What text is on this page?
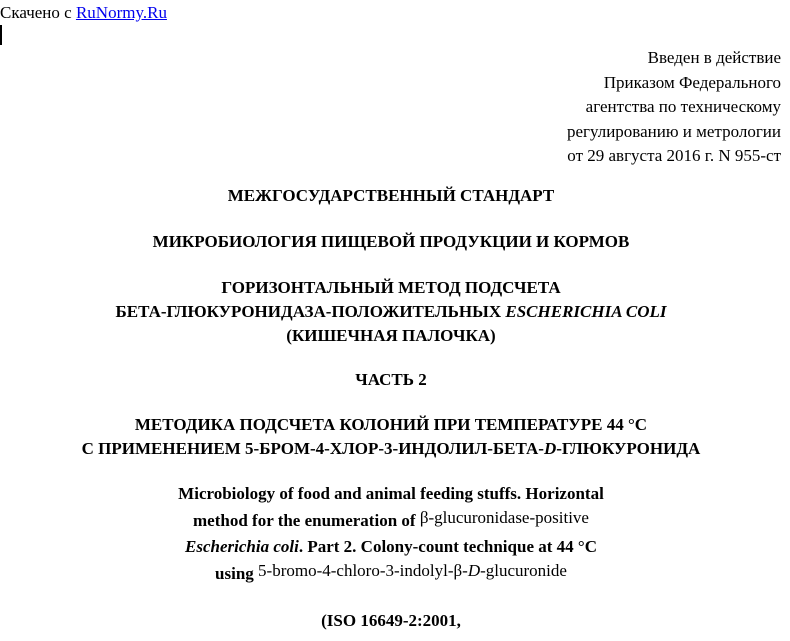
Скачено с RuNormy.Ru
Введен в действие
Приказом Федерального
агентства по техническому
регулированию и метрологии
от 29 августа 2016 г. N 955-ст
МЕЖГОСУДАРСТВЕННЫЙ СТАНДАРТ
МИКРОБИОЛОГИЯ ПИЩЕВОЙ ПРОДУКЦИИ И КОРМОВ
ГОРИЗОНТАЛЬНЫЙ МЕТОД ПОДСЧЕТА
БЕТА-ГЛЮКУРОНИДАЗА-ПОЛОЖИТЕЛЬНЫХ ESCHERICHIA COLI
(КИШЕЧНАЯ ПАЛОЧКА)
ЧАСТЬ 2
МЕТОДИКА ПОДСЧЕТА КОЛОНИЙ ПРИ ТЕМПЕРАТУРЕ 44 °С
С ПРИМЕНЕНИЕМ 5-БРОМ-4-ХЛОР-3-ИНДОЛИЛ-БЕТА-D-ГЛЮКУРОНИДА
Microbiology of food and animal feeding stuffs. Horizontal
method for the enumeration of β-glucuronidase-positive
Escherichia coli. Part 2. Colony-count technique at 44 °C
using 5-bromo-4-chloro-3-indolyl-β-D-glucuronide
(ISO 16649-2:2001,
